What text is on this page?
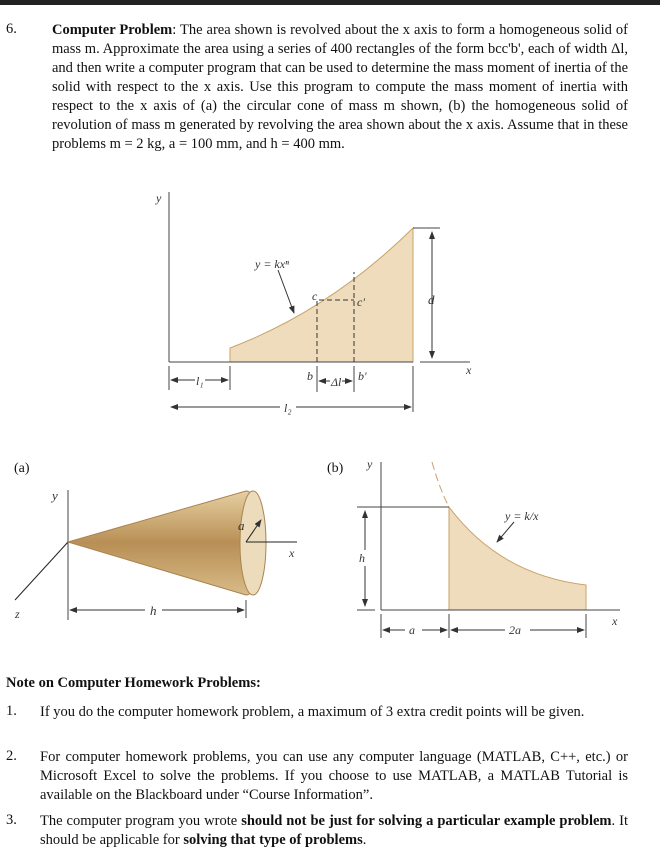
6. Computer Problem: The area shown is revolved about the x axis to form a homogeneous solid of mass m. Approximate the area using a series of 400 rectangles of the form bcc'b', each of width Δl, and then write a computer program that can be used to determine the mass moment of inertia of the solid with respect to the x axis. Use this program to compute the mass moment of inertia with respect to the x axis of (a) the circular cone of mass m shown, (b) the homogeneous solid of revolution of mass m generated by revolving the area shown about the x axis. Assume that in these problems m = 2 kg, a = 100 mm, and h = 400 mm.
y
x
y = kxⁿ
c	c'	d
b	b'
Δl
l₁
l₂
(a)
y
z
x
a
h
(b) y
x
y = k/x
h
a	2a
Note on Computer Homework Problems:
1. If you do the computer homework problem, a maximum of 3 extra credit points will be given.
2. For computer homework problems, you can use any computer language (MATLAB, C++, etc.) or Microsoft Excel to solve the problems. If you choose to use MATLAB, a MATLAB Tutorial is available on the Blackboard under “Course Information”.
3. The computer program you wrote should not be just for solving a particular example problem. It should be applicable for solving that type of problems.
